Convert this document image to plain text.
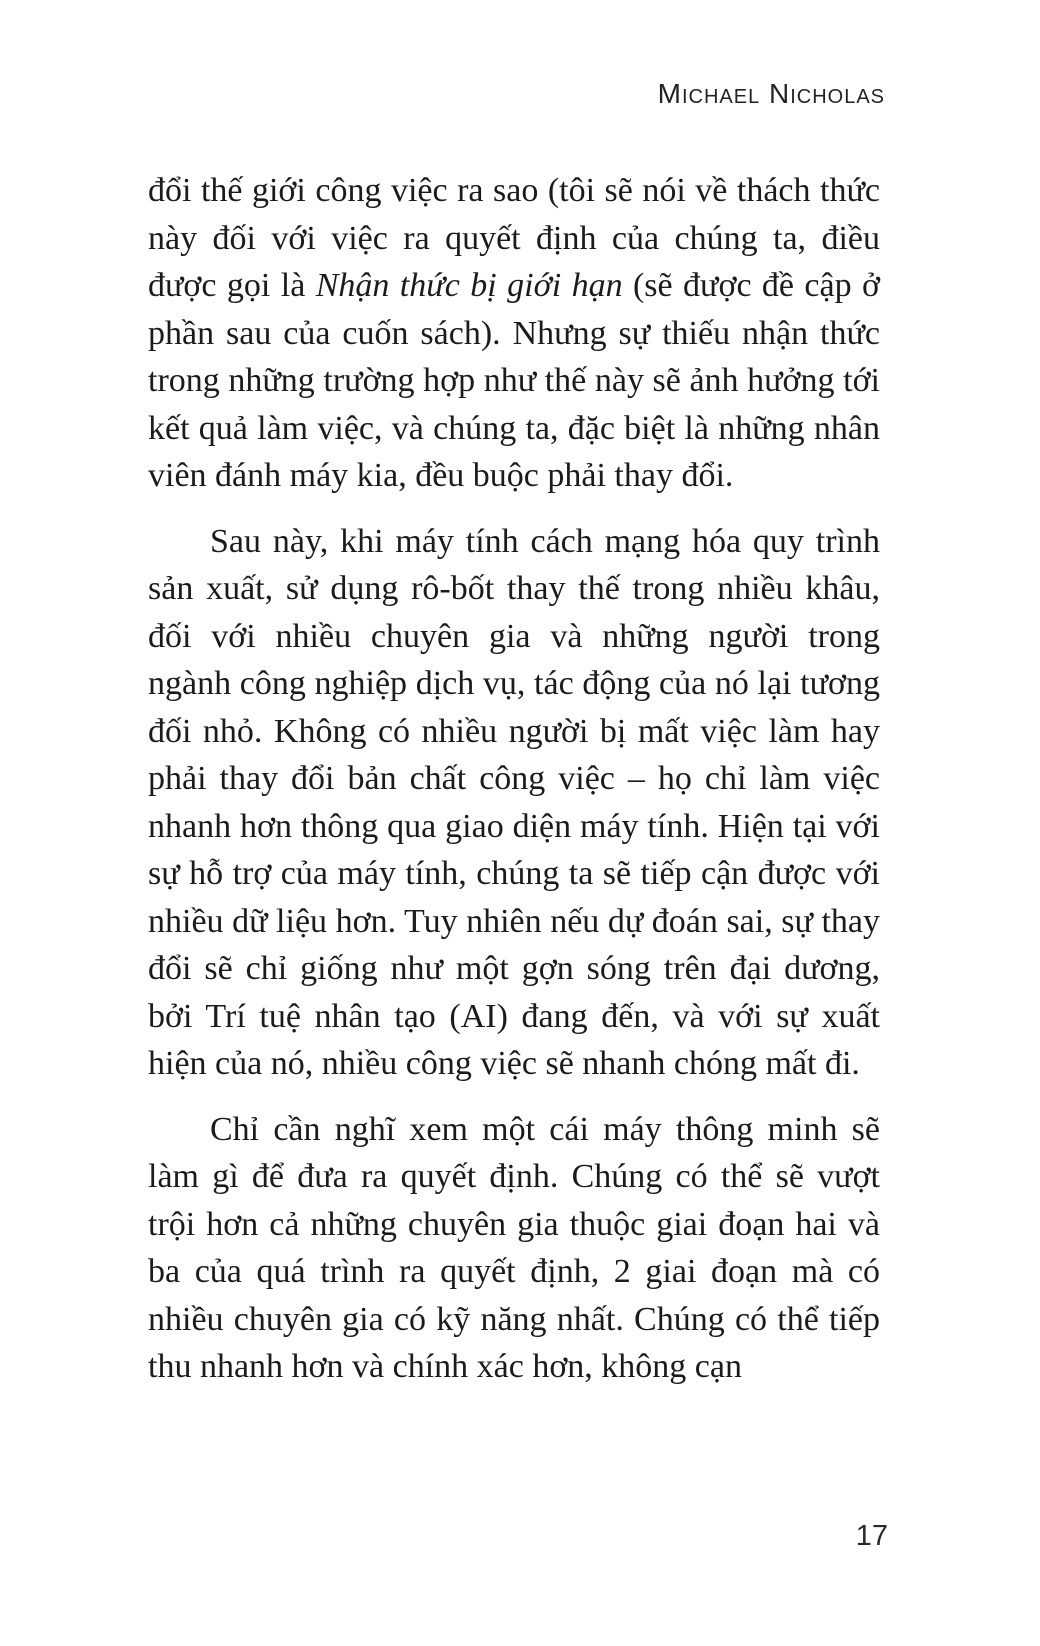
Michael Nicholas

đổi thế giới công việc ra sao (tôi sẽ nói về thách thức này đối với việc ra quyết định của chúng ta, điều được gọi là Nhận thức bị giới hạn (sẽ được đề cập ở phần sau của cuốn sách). Nhưng sự thiếu nhận thức trong những trường hợp như thế này sẽ ảnh hưởng tới kết quả làm việc, và chúng ta, đặc biệt là những nhân viên đánh máy kia, đều buộc phải thay đổi.

Sau này, khi máy tính cách mạng hóa quy trình sản xuất, sử dụng rô-bốt thay thế trong nhiều khâu, đối với nhiều chuyên gia và những người trong ngành công nghiệp dịch vụ, tác động của nó lại tương đối nhỏ. Không có nhiều người bị mất việc làm hay phải thay đổi bản chất công việc – họ chỉ làm việc nhanh hơn thông qua giao diện máy tính. Hiện tại với sự hỗ trợ của máy tính, chúng ta sẽ tiếp cận được với nhiều dữ liệu hơn. Tuy nhiên nếu dự đoán sai, sự thay đổi sẽ chỉ giống như một gợn sóng trên đại dương, bởi Trí tuệ nhân tạo (AI) đang đến, và với sự xuất hiện của nó, nhiều công việc sẽ nhanh chóng mất đi.

Chỉ cần nghĩ xem một cái máy thông minh sẽ làm gì để đưa ra quyết định. Chúng có thể sẽ vượt trội hơn cả những chuyên gia thuộc giai đoạn hai và ba của quá trình ra quyết định, 2 giai đoạn mà có nhiều chuyên gia có kỹ năng nhất. Chúng có thể tiếp thu nhanh hơn và chính xác hơn, không cạn

17
